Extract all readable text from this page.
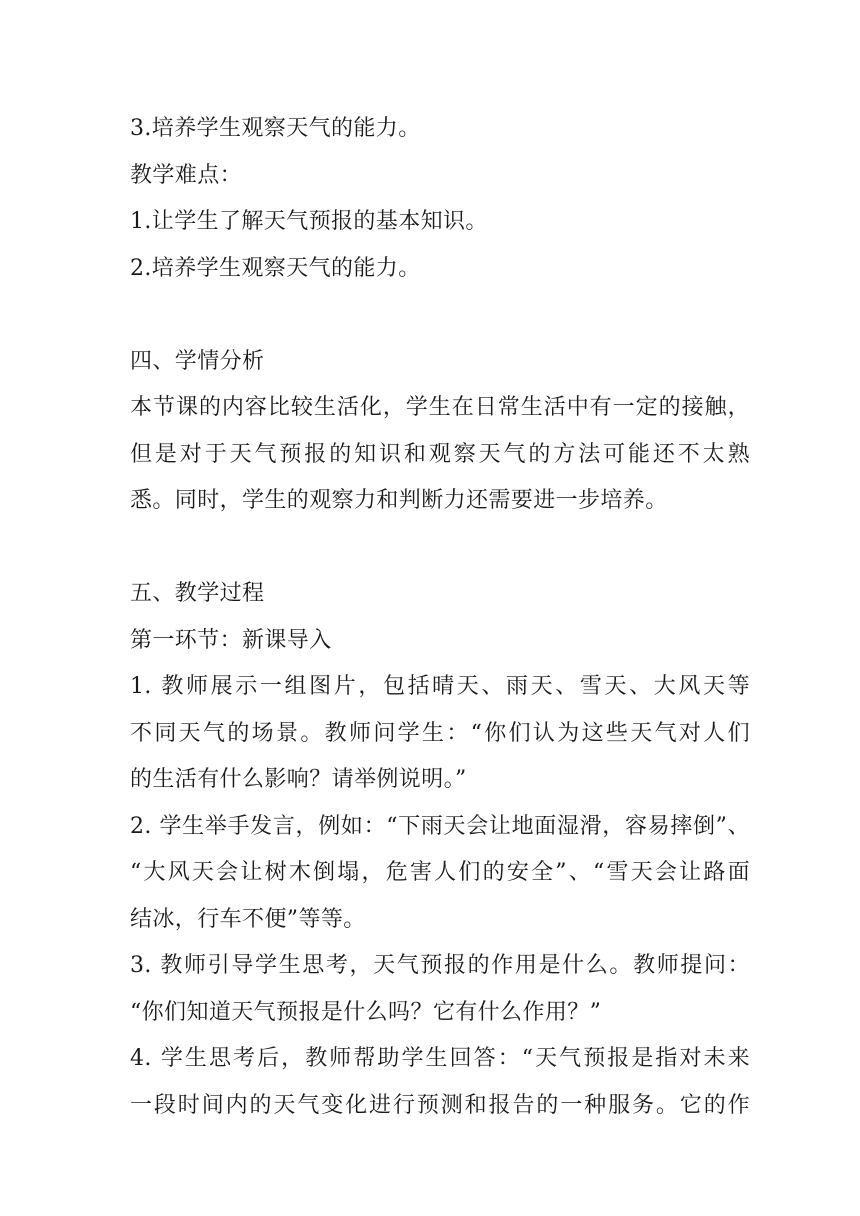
3.培养学生观察天气的能力。
教学难点：
1.让学生了解天气预报的基本知识。
2.培养学生观察天气的能力。
四、学情分析
本节课的内容比较生活化，学生在日常生活中有一定的接触，
但是对于天气预报的知识和观察天气的方法可能还不太熟
悉。同时，学生的观察力和判断力还需要进一步培养。
五、教学过程
第一环节：新课导入
1. 教师展示一组图片，包括晴天、雨天、雪天、大风天等
不同天气的场景。教师问学生：“你们认为这些天气对人们
的生活有什么影响？请举例说明。”
2. 学生举手发言，例如：“下雨天会让地面湿滑，容易摔倒”、
“大风天会让树木倒塌，危害人们的安全”、“雪天会让路面
结冰，行车不便”等等。
3. 教师引导学生思考，天气预报的作用是什么。教师提问：
“你们知道天气预报是什么吗？它有什么作用？”
4. 学生思考后，教师帮助学生回答：“天气预报是指对未来
一段时间内的天气变化进行预测和报告的一种服务。它的作
